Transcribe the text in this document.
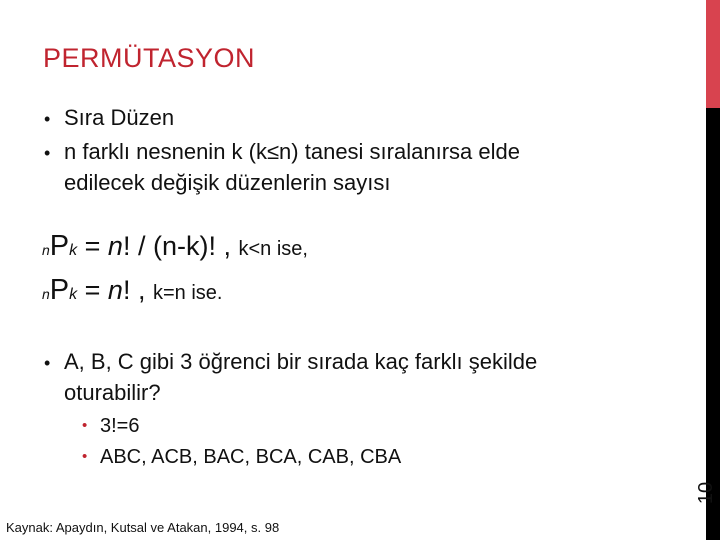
PERMÜTASYON
10
• Sıra Düzen
• n farklı nesnenin k (k≤n) tanesi sıralanırsa elde
edilecek değişik düzenlerin sayısı
nPk = n! / (n-k)! , k<n ise,
nPk = n! , k=n ise.
• A, B, C gibi 3 öğrenci bir sırada kaç farklı şekilde
oturabilir?
• 3!=6
• ABC, ACB, BAC, BCA, CAB, CBA
Kaynak: Apaydın, Kutsal ve Atakan, 1994, s. 98
